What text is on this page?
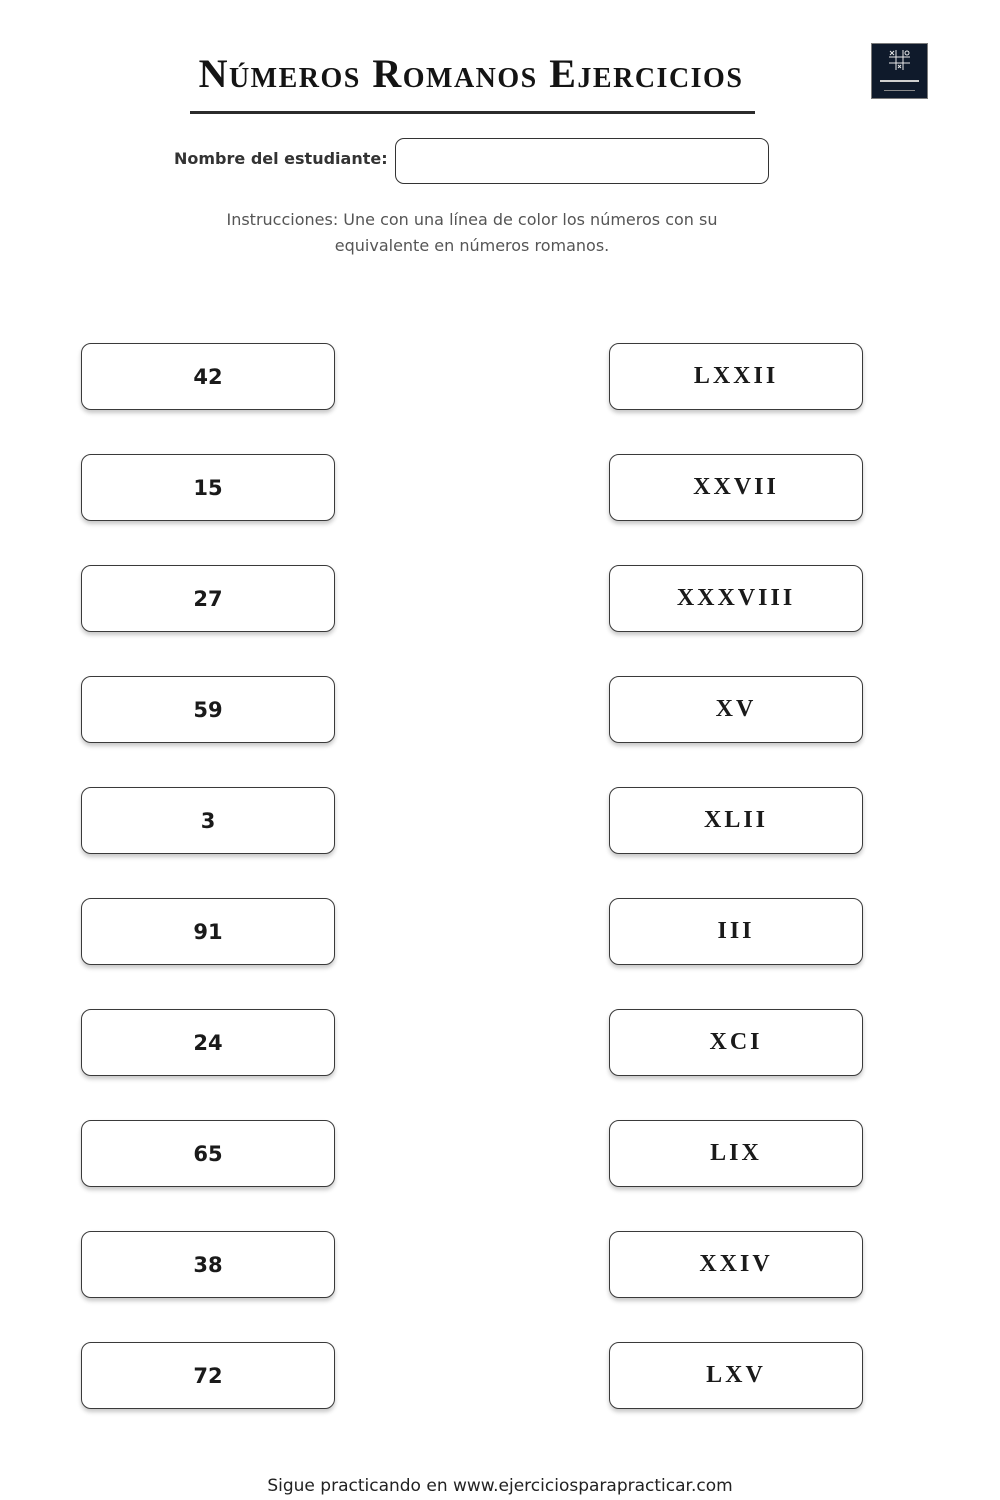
Números Romanos Ejercicios
Nombre del estudiante:
Instrucciones: Une con una línea de color los números con su equivalente en números romanos.
42
15
27
59
3
91
24
65
38
72
LXXII
XXVII
XXXVIII
XV
XLII
III
XCI
LIX
XXIV
LXV
Sigue practicando en www.ejerciciosparapracticar.com
